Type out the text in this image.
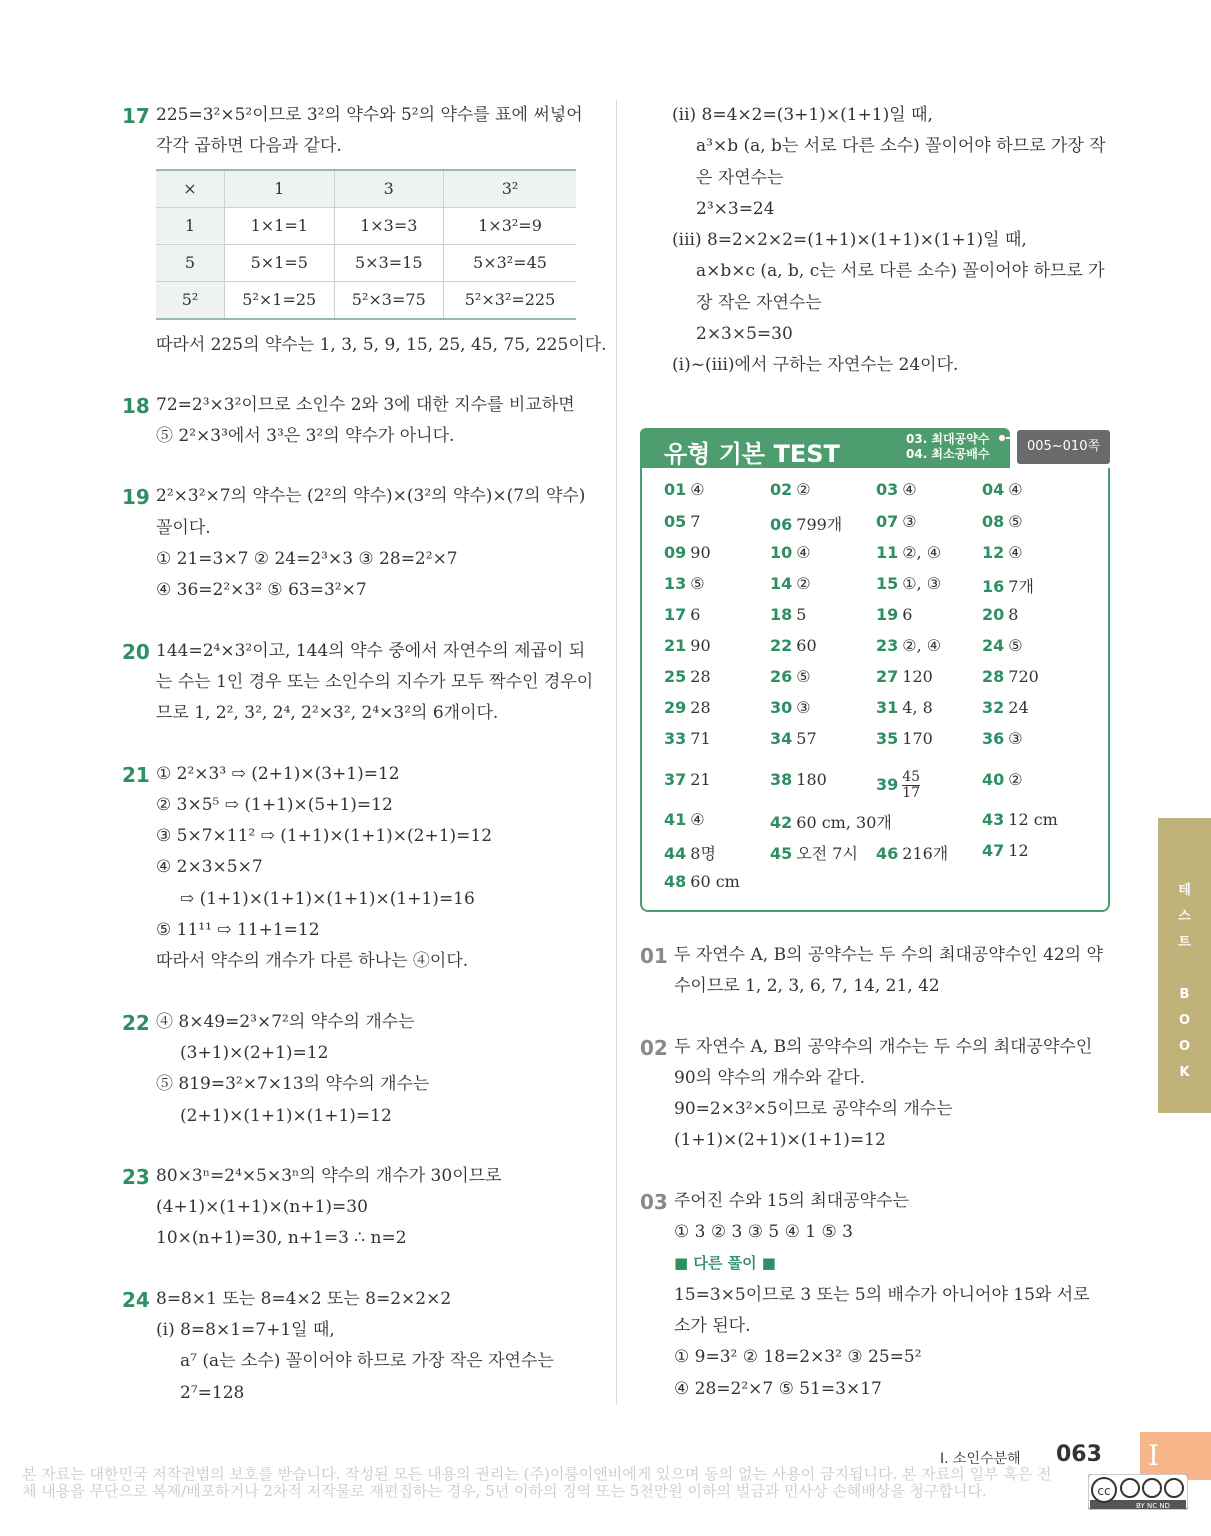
17 225=3²×5²이므로 3²의 약수와 5²의 약수를 표에 써넣어
각각 곱하면 다음과 같다.
×	1	3	3²
1	1×1=1	1×3=3	1×3²=9
5	5×1=5	5×3=15	5×3²=45
5²	5²×1=25	5²×3=75	5²×3²=225
따라서 225의 약수는 1, 3, 5, 9, 15, 25, 45, 75, 225이다.
18 72=2³×3²이므로 소인수 2와 3에 대한 지수를 비교하면
⑤ 2²×3³에서 3³은 3²의 약수가 아니다.
19 2²×3²×7의 약수는 (2²의 약수)×(3²의 약수)×(7의 약수)
꼴이다.
① 21=3×7 ② 24=2³×3 ③ 28=2²×7
④ 36=2²×3² ⑤ 63=3²×7
20 144=2⁴×3²이고, 144의 약수 중에서 자연수의 제곱이 되
는 수는 1인 경우 또는 소인수의 지수가 모두 짝수인 경우이
므로 1, 2², 3², 2⁴, 2²×3², 2⁴×3²의 6개이다.
21 ① 2²×3³ ⇨ (2+1)×(3+1)=12
② 3×5⁵ ⇨ (1+1)×(5+1)=12
③ 5×7×11² ⇨ (1+1)×(1+1)×(2+1)=12
④ 2×3×5×7
⇨ (1+1)×(1+1)×(1+1)×(1+1)=16
⑤ 11¹¹ ⇨ 11+1=12
따라서 약수의 개수가 다른 하나는 ④이다.
22 ④ 8×49=2³×7²의 약수의 개수는
(3+1)×(2+1)=12
⑤ 819=3²×7×13의 약수의 개수는
(2+1)×(1+1)×(1+1)=12
23 80×3ⁿ=2⁴×5×3ⁿ의 약수의 개수가 30이므로
(4+1)×(1+1)×(n+1)=30
10×(n+1)=30, n+1=3 ∴ n=2
24 8=8×1 또는 8=4×2 또는 8=2×2×2
(i) 8=8×1=7+1일 때,
a⁷ (a는 소수) 꼴이어야 하므로 가장 작은 자연수는
2⁷=128
(ii) 8=4×2=(3+1)×(1+1)일 때,
a³×b (a, b는 서로 다른 소수) 꼴이어야 하므로 가장 작
은 자연수는
2³×3=24
(iii) 8=2×2×2=(1+1)×(1+1)×(1+1)일 때,
a×b×c (a, b, c는 서로 다른 소수) 꼴이어야 하므로 가
장 작은 자연수는
2×3×5=30
(i)~(iii)에서 구하는 자연수는 24이다.
유형 기본 TEST
03. 최대공약수
04. 최소공배수	005~010쪽
01 ④	02 ②	03 ④	04 ④
05 7	06 799개 07 ③	08 ⑤
09 90	10 ④	11 ②, ④	12 ④
13 ⑤	14 ②	15 ①, ③	16 7개
17 6	18 5	19 6	20 8
21 90	22 60	23 ②, ④	24 ⑤
25 28	26 ⑤	27 120	28 720
29 28	30 ③	31 4, 8	32 24
33 71	34 57	35 170	36 ③
37 21	38 180	$39 \frac{45}{17}$	40 ②
41 ④	42 60 cm, 30개	43 12 cm
44 8명	45 오전 7시 46 216개 47 12
48 60 cm
01 두 자연수 A, B의 공약수는 두 수의 최대공약수인 42의 약
수이므로 1, 2, 3, 6, 7, 14, 21, 42
02 두 자연수 A, B의 공약수의 개수는 두 수의 최대공약수인
90의 약수의 개수와 같다.
90=2×3²×5이므로 공약수의 개수는
(1+1)×(2+1)×(1+1)=12
03 주어진 수와 15의 최대공약수는
① 3 ② 3 ③ 5 ④ 1 ⑤ 3
■ 다른 풀이 ■
15=3×5이므로 3 또는 5의 배수가 아니어야 15와 서로
소가 된다.
① 9=3² ② 18=2×3² ③ 25=5²
④ 28=2²×7 ⑤ 51=3×17
테
스
트

B
O
O
K
Ⅰ. 소인수분해 063 I
본 자료는 대한민국 저작권법의 보호를 받습니다. 작성된 모든 내용의 권리는 (주)이룸이앤비에게 있으며 동의 없는 사용이 금지됩니다. 본 자료의 일부 혹은 전체 내용을 무단으로 복제/배포하거나 2차적 저작물로 재편집하는 경우, 5년 이하의 징역 또는 5천만원 이하의 벌금과 민사상 손해배상을 청구합니다.	cc
BY NC ND
